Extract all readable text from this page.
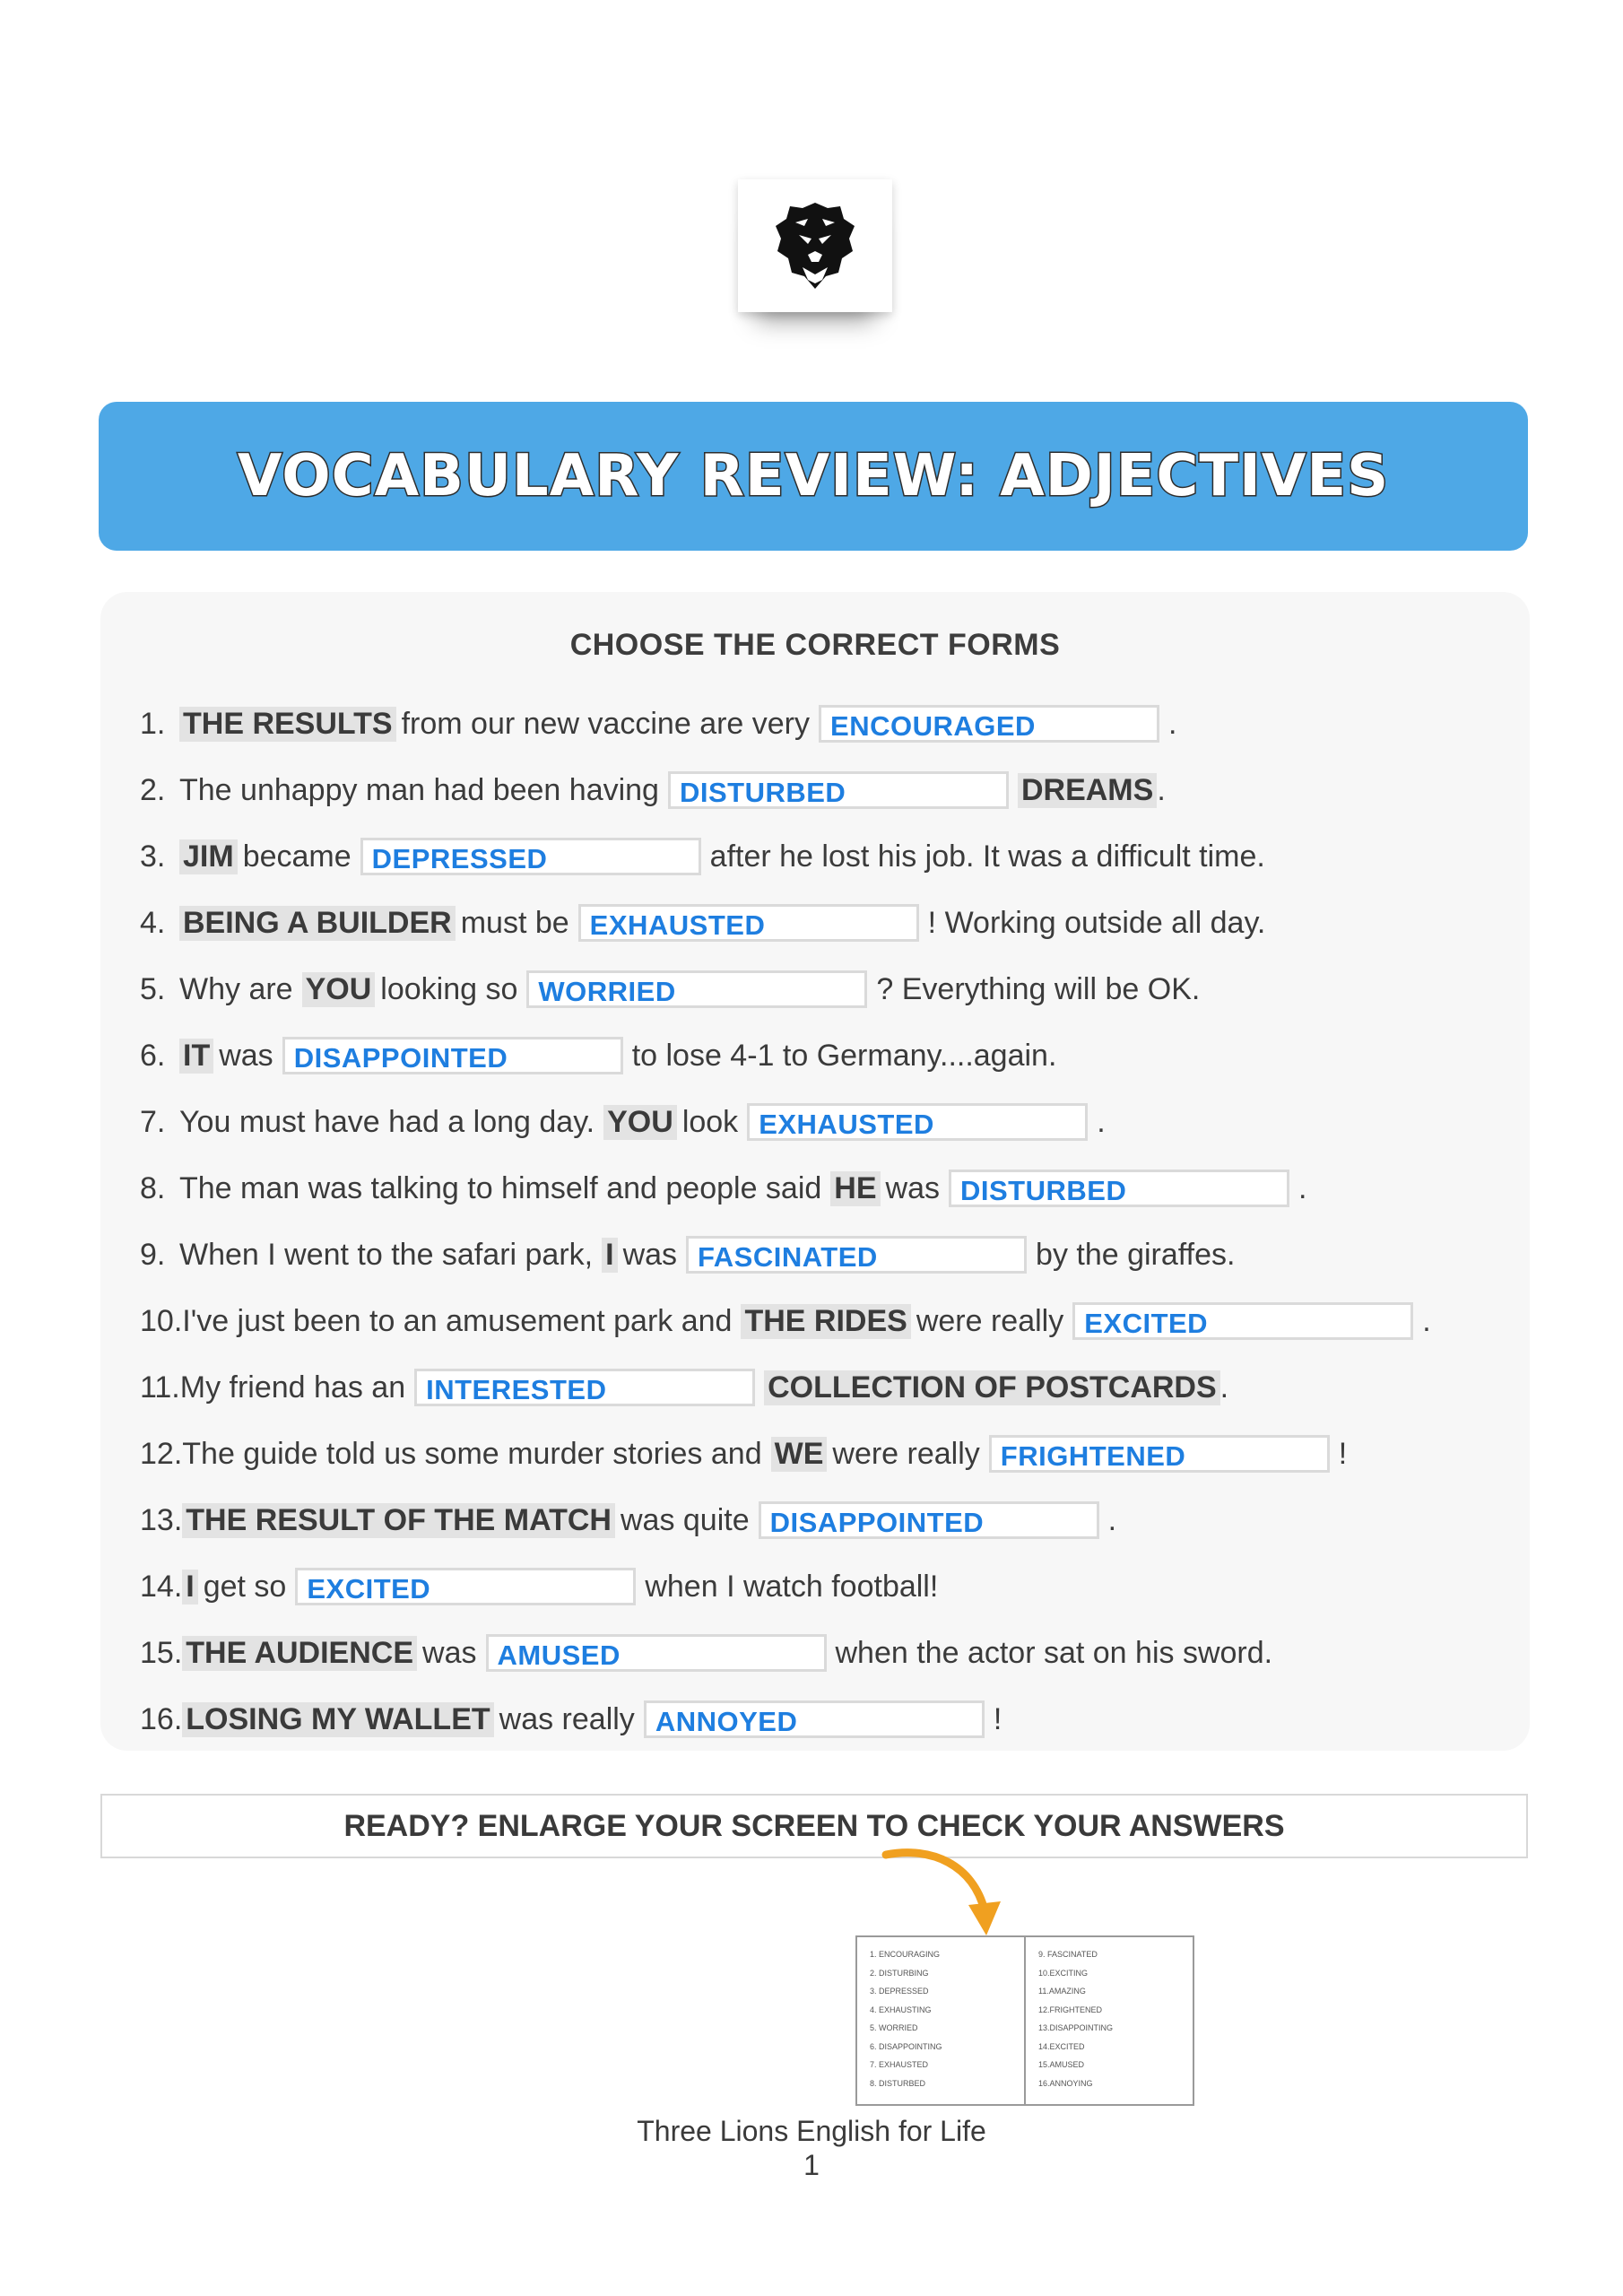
VOCABULARY REVIEW: ADJECTIVES
CHOOSE THE CORRECT FORMS
1. THE RESULTS from our new vaccine are very ENCOURAGED	.
2. The unhappy man had been having DISTURBED	DREAMS .
3. JIM became DEPRESSED	after he lost his job. It was a difficult time.
4. BEING A BUILDER must be EXHAUSTED	! Working outside all day.
5. Why are YOU looking so WORRIED	? Everything will be OK.
6. IT was DISAPPOINTED	to lose 4-1 to Germany....again.
7. You must have had a long day. YOU look EXHAUSTED	.
8. The man was talking to himself and people said HE was DISTURBED	.
9. When I went to the safari park, I was FASCINATED	by the giraffes.
10. I've just been to an amusement park and THE RIDES were really EXCITED	.
11. My friend has an INTERESTED	COLLECTION OF POSTCARDS .
12. The guide told us some murder stories and WE were really FRIGHTENED	!
13. THE RESULT OF THE MATCH was quite DISAPPOINTED	.
14. I get so EXCITED	when I watch football!
15. THE AUDIENCE was AMUSED	when the actor sat on his sword.
16. LOSING MY WALLET was really ANNOYED	!
READY? ENLARGE YOUR SCREEN TO CHECK YOUR ANSWERS
1. ENCOURAGING
2. DISTURBING
3. DEPRESSED
4. EXHAUSTING
5. WORRIED
6. DISAPPOINTING
7. EXHAUSTED
8. DISTURBED
9. FASCINATED
10.EXCITING
11.AMAZING
12.FRIGHTENED
13.DISAPPOINTING
14.EXCITED
15.AMUSED
16.ANNOYING
Three Lions English for Life
1
